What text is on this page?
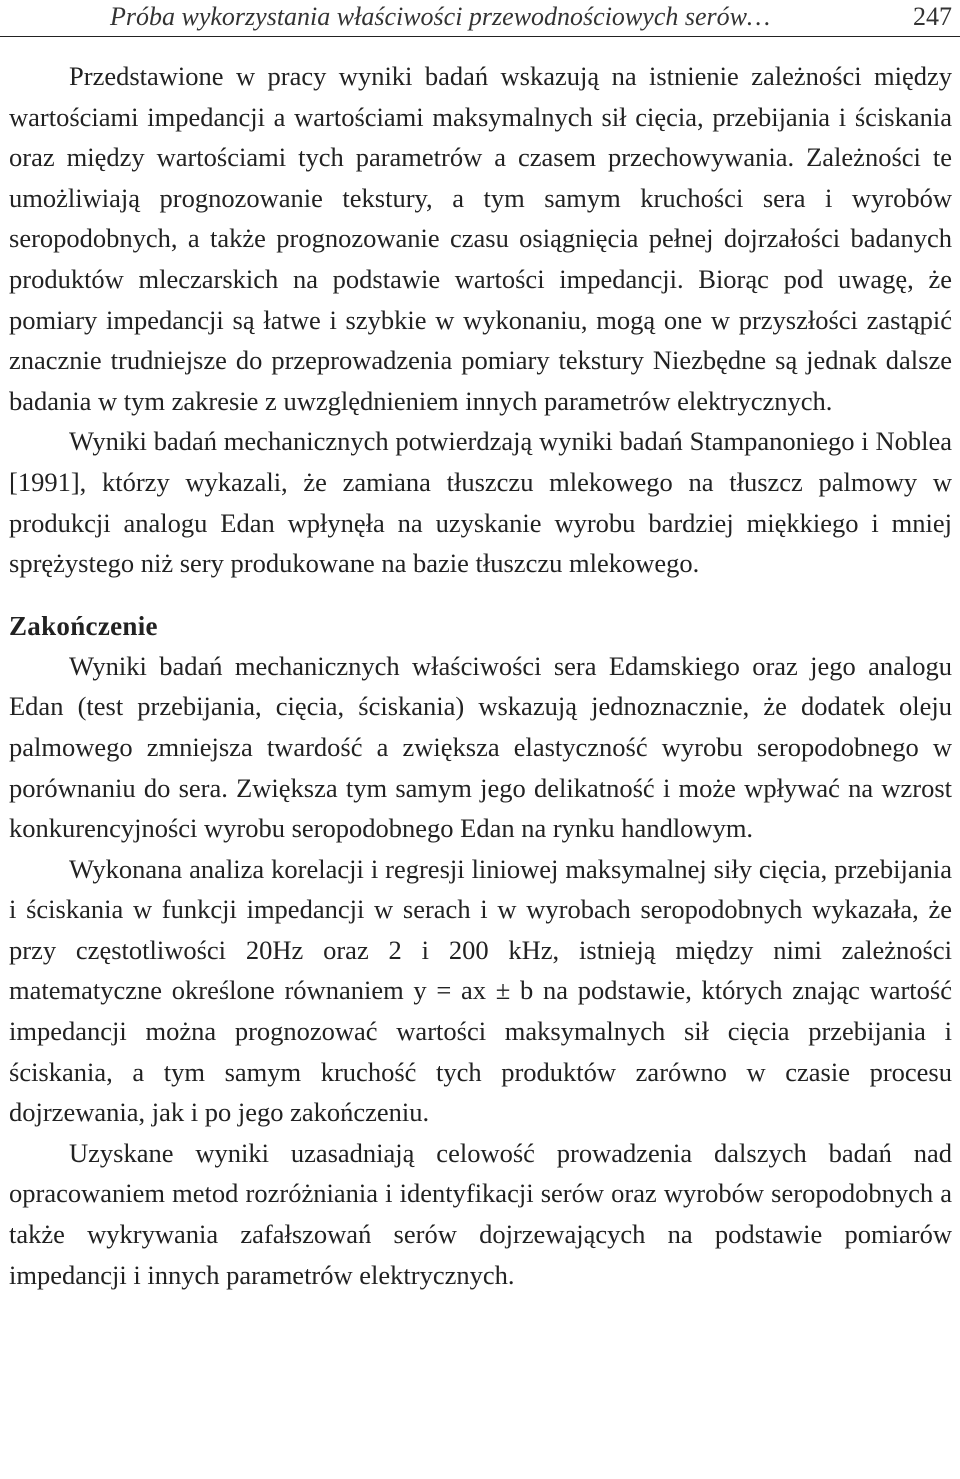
Próba wykorzystania właściwości przewodnościowych serów…	247

Przedstawione w pracy wyniki badań wskazują na istnienie zależności między wartościami impedancji a wartościami maksymalnych sił cięcia, przebijania i ściskania oraz między wartościami tych parametrów a czasem przechowywania. Zależności te umożliwiają prognozowanie tekstury, a tym samym kruchości sera i wyrobów seropodobnych, a także prognozowanie czasu osiągnięcia pełnej dojrzałości badanych produktów mleczarskich na podstawie wartości impedancji. Biorąc pod uwagę, że pomiary impedancji są łatwe i szybkie w wykonaniu, mogą one w przyszłości zastąpić znacznie trudniejsze do przeprowadzenia pomiary tekstury Niezbędne są jednak dalsze badania w tym zakresie z uwzględnieniem innych parametrów elektrycznych.

Wyniki badań mechanicznych potwierdzają wyniki badań Stampanoniego i Noblea [1991], którzy wykazali, że zamiana tłuszczu mlekowego na tłuszcz palmowy w produkcji analogu Edan wpłynęła na uzyskanie wyrobu bardziej miękkiego i mniej sprężystego niż sery produkowane na bazie tłuszczu mlekowego.

Zakończenie

Wyniki badań mechanicznych właściwości sera Edamskiego oraz jego analogu Edan (test przebijania, cięcia, ściskania) wskazują jednoznacznie, że dodatek oleju palmowego zmniejsza twardość a zwiększa elastyczność wyrobu seropodobnego w porównaniu do sera. Zwiększa tym samym jego delikatność i może wpływać na wzrost konkurencyjności wyrobu seropodobnego Edan na rynku handlowym.

Wykonana analiza korelacji i regresji liniowej maksymalnej siły cięcia, przebijania i ściskania w funkcji impedancji w serach i w wyrobach seropodobnych wykazała, że przy częstotliwości 20Hz oraz 2 i 200 kHz, istnieją między nimi zależności matematyczne określone równaniem y = ax ± b na podstawie, których znając wartość impedancji można prognozować wartości maksymalnych sił cięcia przebijania i ściskania, a tym samym kruchość tych produktów zarówno w czasie procesu dojrzewania, jak i po jego zakończeniu.

Uzyskane wyniki uzasadniają celowość prowadzenia dalszych badań nad opracowaniem metod rozróżniania i identyfikacji serów oraz wyrobów seropodobnych a także wykrywania zafałszowań serów dojrzewających na podstawie pomiarów impedancji i innych parametrów elektrycznych.
